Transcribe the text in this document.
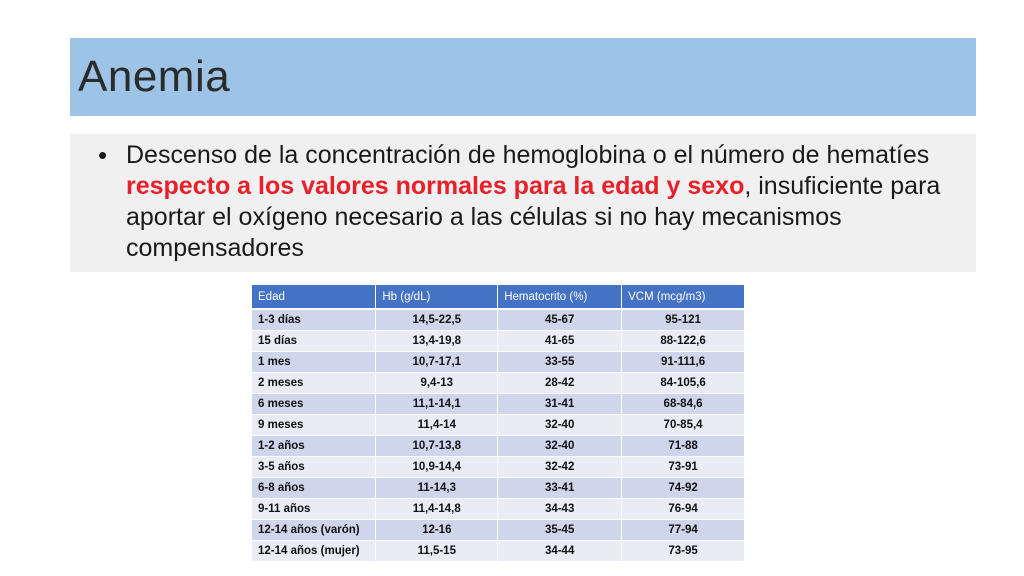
Anemia
• Descenso de la concentración de hemoglobina o el número de hematíes respecto a los valores normales para la edad y sexo, insuficiente para aportar el oxígeno necesario a las células si no hay mecanismos compensadores
Edad	Hb (g/dL)	Hematocrito (%)	VCM (mcg/m3)
1-3 días	14,5-22,5	45-67	95-121
15 días	13,4-19,8	41-65	88-122,6
1 mes	10,7-17,1	33-55	91-111,6
2 meses	9,4-13	28-42	84-105,6
6 meses	11,1-14,1	31-41	68-84,6
9 meses	11,4-14	32-40	70-85,4
1-2 años	10,7-13,8	32-40	71-88
3-5 años	10,9-14,4	32-42	73-91
6-8 años	11-14,3	33-41	74-92
9-11 años	11,4-14,8	34-43	76-94
12-14 años (varón)	12-16	35-45	77-94
12-14 años (mujer)	11,5-15	34-44	73-95
